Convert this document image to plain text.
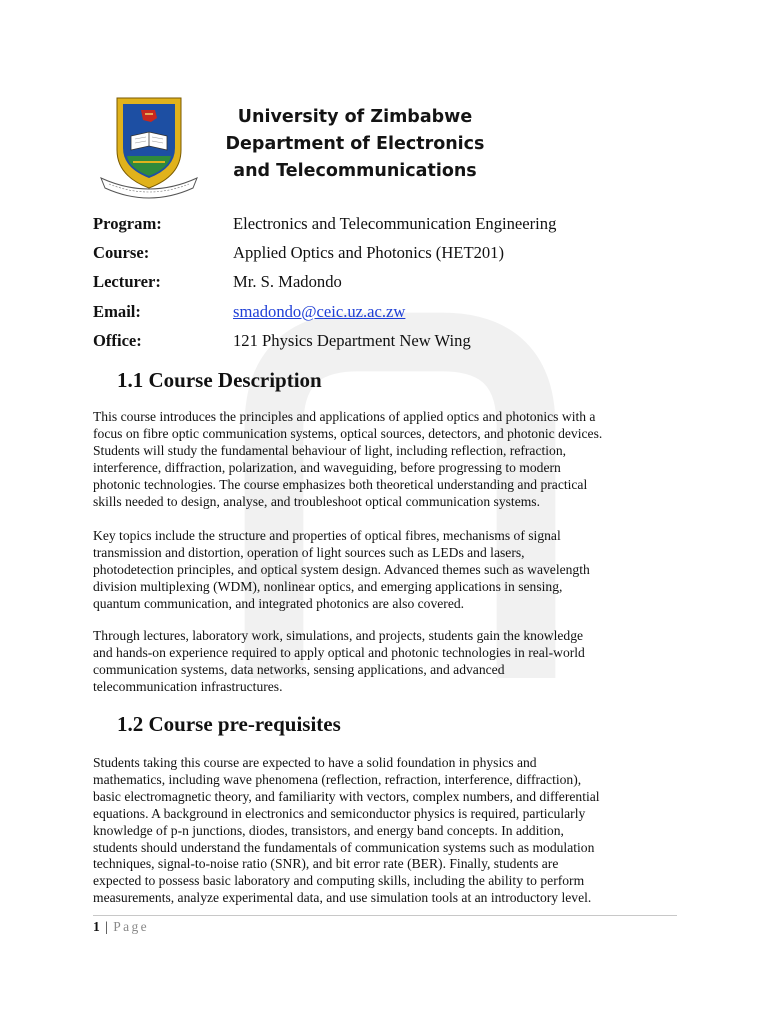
University of Zimbabwe
Department of Electronics
and Telecommunications
Program:	Electronics and Telecommunication Engineering
Course:	Applied Optics and Photonics (HET201)
Lecturer:	Mr. S. Madondo
Email:	smadondo@ceic.uz.ac.zw
Office:	121 Physics Department New Wing
1.1 Course Description

This course introduces the principles and applications of applied optics and photonics with a
focus on fibre optic communication systems, optical sources, detectors, and photonic devices.
Students will study the fundamental behaviour of light, including reflection, refraction,
interference, diffraction, polarization, and waveguiding, before progressing to modern
photonic technologies. The course emphasizes both theoretical understanding and practical
skills needed to design, analyse, and troubleshoot optical communication systems.

Key topics include the structure and properties of optical fibres, mechanisms of signal
transmission and distortion, operation of light sources such as LEDs and lasers,
photodetection principles, and optical system design. Advanced themes such as wavelength
division multiplexing (WDM), nonlinear optics, and emerging applications in sensing,
quantum communication, and integrated photonics are also covered.

Through lectures, laboratory work, simulations, and projects, students gain the knowledge
and hands-on experience required to apply optical and photonic technologies in real-world
communication systems, data networks, sensing applications, and advanced
telecommunication infrastructures.

1.2 Course pre-requisites

Students taking this course are expected to have a solid foundation in physics and
mathematics, including wave phenomena (reflection, refraction, interference, diffraction),
basic electromagnetic theory, and familiarity with vectors, complex numbers, and differential
equations. A background in electronics and semiconductor physics is required, particularly
knowledge of p-n junctions, diodes, transistors, and energy band concepts. In addition,
students should understand the fundamentals of communication systems such as modulation
techniques, signal-to-noise ratio (SNR), and bit error rate (BER). Finally, students are
expected to possess basic laboratory and computing skills, including the ability to perform
measurements, analyze experimental data, and use simulation tools at an introductory level.

1 | Page
